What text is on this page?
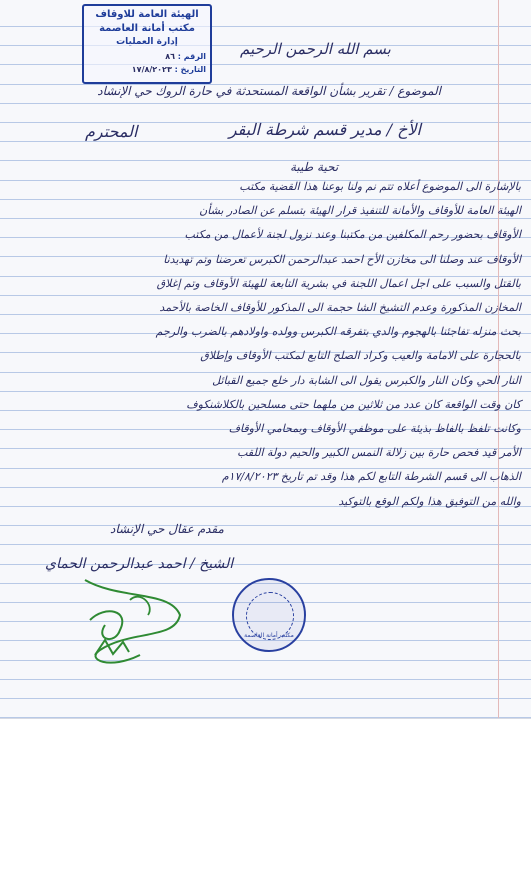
الهيئة العامة للاوقاف
مكتب أمانة العاصمة
إدارة العمليات
الرقم : ٨٦
التاريخ : ١٧/٨/٢٠٢٣
بسم الله الرحمن الرحيم
الموضوع / تقرير بشأن الواقعة المستحدثة في حارة الروك حي الإنشاد
الأخ / مدير قسم شرطة البقر
المحترم
تحية طيبة
بالإشارة الى الموضوع أعلاه تتم نم ولنا بوعنا هذا القضية مكتب
الهيئة العامة للأوقاف والأمانة للتنفيذ قرار الهيئة بتسلم عن الصادر بشأن
الأوقاف بحضور رحم المكلفين من مكتبنا وعند نزول لجنة لأعمال من مكتب
الأوقاف عند وصلنا الى مخازن الأح احمد عبدالرحمن الكبرس تعرضنا وتم تهديدنا
بالقتل والسبب على اجل اعمال اللجنة في بشرية التابعة للهيئة الأوقاف وتم إغلاق
المخازن المذكورة وعدم التشيخ الشا حجمة الى المذكور للأوقاف الخاصة بالأحمد
بحث منزله تفاجئنا بالهجوم والدي بتفرقه الكبرس وولده واولادهم بالضرب والرجم
بالحجارة على الامامة والعيب وكراد الصلح التابع لمكتب الأوقاف وإطلاق
النار الحي وكان النار والكبرس يقول الى الشابة دار خلع جميع القبائل
كان وقت الواقعة كان عدد من ثلاثين من ملهما حتى مسلحين بالكلاشنكوف
وكانت تلفظ بالفاظ بذيئة على موظفي الأوقاف وبمحامي الأوقاف
الأمر قيد فحص حارة بين زلالة النمس الكبير والحيم دولة اللقب
الذهاب الى قسم الشرطة التابع لكم هذا وقد تم تاريخ ١٧/٨/٢٠٢٣م
والله من التوفيق هذا ولكم الوقع بالتوكيد
مقدم عقال حي الإنشاد
الشيخ / احمد عبدالرحمن الحماي
مكتب أمانة العاصمة
